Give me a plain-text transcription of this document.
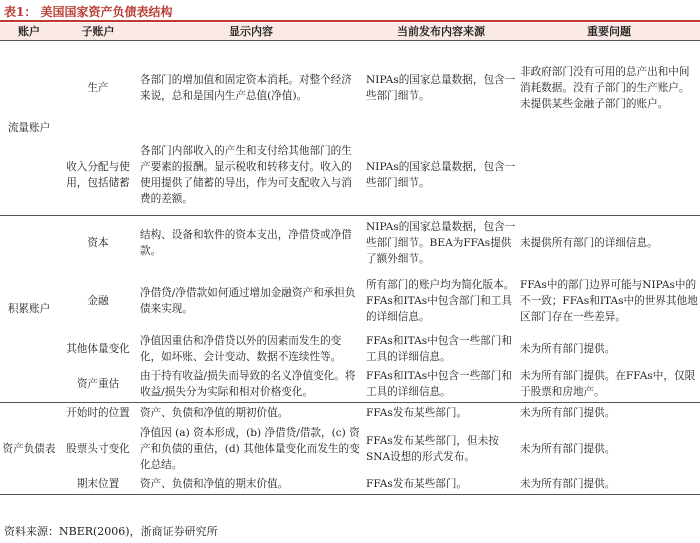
表1： 美国国家资产负债表结构
账户	子账户	显示内容	当前发布内容来源	重要问题
流量账户	生产	各部门的增加值和固定资本消耗。对整个经济来说，总和是国内生产总值(净值)。	NIPAs的国家总量数据，包含一些部门细节。	非政府部门没有可用的总产出和中间消耗数据。没有子部门的生产账户。未提供某些金融子部门的账户。
	收入分配与使用，包括储蓄	各部门内部收入的产生和支付给其他部门的生产要素的报酬。显示税收和转移支付。收入的使用提供了储蓄的导出，作为可支配收入与消费的差额。	NIPAs的国家总量数据，包含一些部门细节。	
积累账户	资本	结构、设备和软件的资本支出，净借贷或净借款。	NIPAs的国家总量数据，包含一些部门细节。BEA为FFAs提供了额外细节。	未提供所有部门的详细信息。
	金融	净借贷/净借款如何通过增加金融资产和承担负债来实现。	所有部门的账户均为简化版本。FFAs和ITAs中包含部门和工具的详细信息。	FFAs中的部门边界可能与NIPAs中的不一致；FFAs和ITAs中的世界其他地区部门存在一些差异。
	其他体量变化	净值因重估和净借贷以外的因素而发生的变化，如坏账、会计变动、数据不连续性等。	FFAs和ITAs中包含一些部门和工具的详细信息。	未为所有部门提供。
	资产重估	由于持有收益/损失而导致的名义净值变化。将收益/损失分为实际和相对价格变化。	FFAs和ITAs中包含一些部门和工具的详细信息。	未为所有部门提供。在FFAs中，仅限于股票和房地产。
资产负债表	开始时的位置	资产、负债和净值的期初价值。	FFAs发布某些部门。	未为所有部门提供。
	股票头寸变化	净值因 (a) 资本形成，(b) 净借贷/借款，(c) 资产和负债的重估，(d) 其他体量变化而发生的变化总结。	FFAs发布某些部门，但未按SNA设想的形式发布。	未为所有部门提供。
	期末位置	资产、负债和净值的期末价值。	FFAs发布某些部门。	未为所有部门提供。
资料来源：NBER(2006)，浙商证券研究所
